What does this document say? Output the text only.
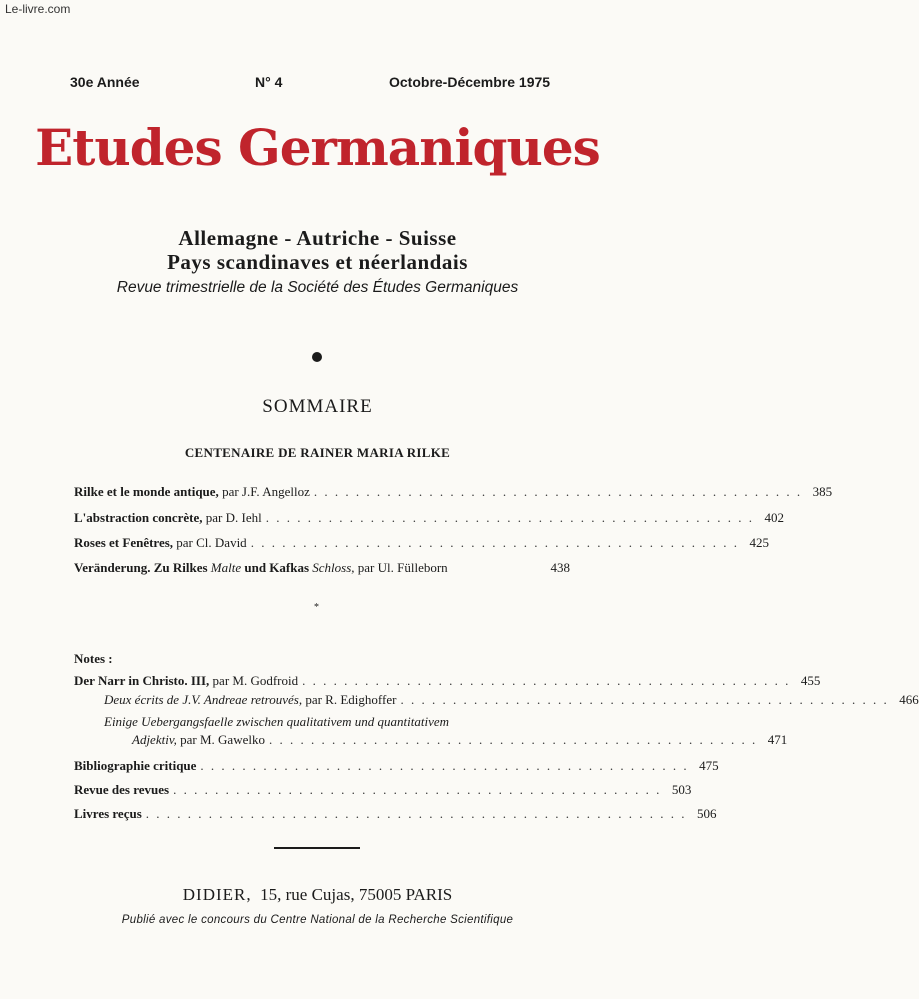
Le-livre.com
30e Année	N° 4	Octobre-Décembre 1975
Etudes Germaniques
Allemagne - Autriche - Suisse
Pays scandinaves et néerlandais
Revue trimestrielle de la Société des Études Germaniques
SOMMAIRE
CENTENAIRE DE RAINER MARIA RILKE
Rilke et le monde antique, par J.F. Angelloz . . . . . . . . . . . . . . . . . . . . . . . . . . . . . . . . . . . . . . . . . . . . . . . 385
L'abstraction concrète, par D. Iehl . . . . . . . . . . . . . . . . . . . . . . . . . . . . . . . . . . . . . . . . . . . . . . . 402
Roses et Fenêtres, par Cl. David . . . . . . . . . . . . . . . . . . . . . . . . . . . . . . . . . . . . . . . . . . . . . . . 425
Veränderung. Zu Rilkes Malte und Kafkas Schloss, par Ul. Fülleborn	438
*
Notes :
Der Narr in Christo. III, par M. Godfroid . . . . . . . . . . . . . . . . . . . . . . . . . . . . . . . . . . . . . . . . . . . . . . . 455
Deux écrits de J.V. Andreae retrouvés, par R. Edighoffer . . . . . . . . . . . . . . . . . . . . . . . . . . . . . . . . . . . . . . . . . . . . . . . 466
Einige Uebergangsfaelle zwischen qualitativem und quantitativem
Adjektiv, par M. Gawelko . . . . . . . . . . . . . . . . . . . . . . . . . . . . . . . . . . . . . . . . . . . . . . . 471
Bibliographie critique . . . . . . . . . . . . . . . . . . . . . . . . . . . . . . . . . . . . . . . . . . . . . . . 475
Revue des revues . . . . . . . . . . . . . . . . . . . . . . . . . . . . . . . . . . . . . . . . . . . . . . . 503
Livres reçus . . . . . . . . . . . . . . . . . . . . . . . . . . . . . . . . . . . . . . . . . . . . . . . . . . . . 506
DIDIER, 15, rue Cujas, 75005 PARIS
Publié avec le concours du Centre National de la Recherche Scientifique
